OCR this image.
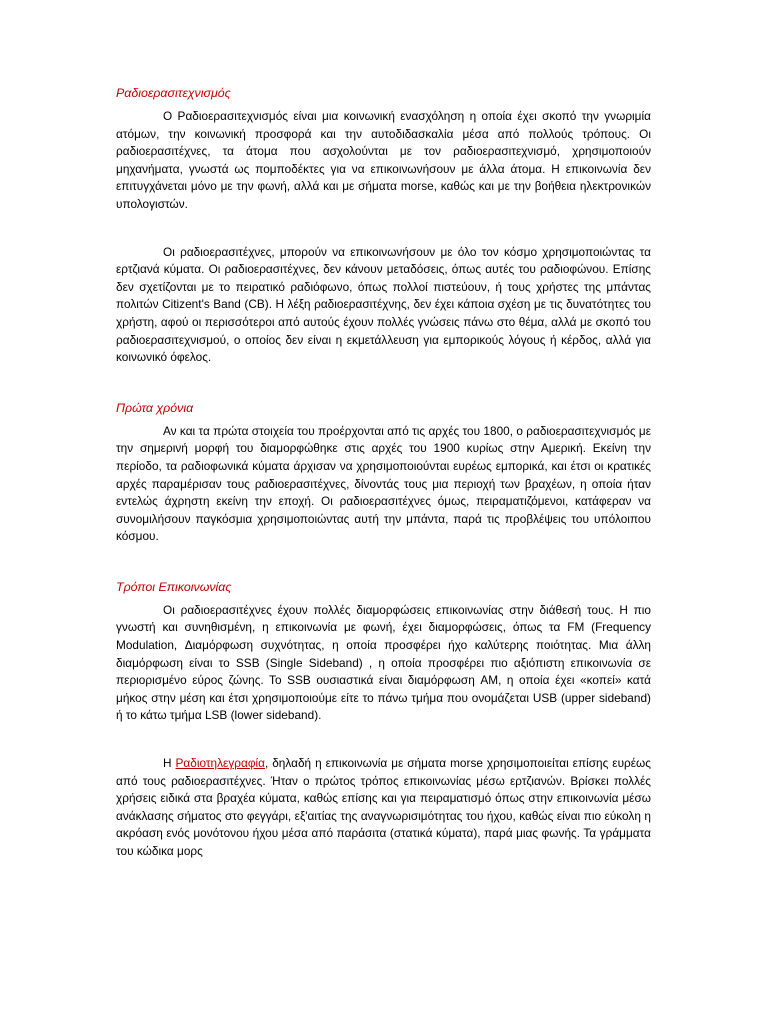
Ραδιοερασιτεχνισμός

Ο Ραδιοερασιτεχνισμός είναι μια κοινωνική ενασχόληση η οποία έχει σκοπό την γνωριμία ατόμων, την κοινωνική προσφορά και την αυτοδιδασκαλία μέσα από πολλούς τρόπους. Οι ραδιοερασιτέχνες, τα άτομα που ασχολούνται με τον ραδιοερασιτεχνισμό, χρησιμοποιούν μηχανήματα, γνωστά ως πομποδέκτες για να επικοινωνήσουν με άλλα άτομα. Η επικοινωνία δεν επιτυγχάνεται μόνο με την φωνή, αλλά και με σήματα morse, καθώς και με την βοήθεια ηλεκτρονικών υπολογιστών.

Οι ραδιοερασιτέχνες, μπορούν να επικοινωνήσουν με όλο τον κόσμο χρησιμοποιώντας τα ερτζιανά κύματα. Οι ραδιοερασιτέχνες, δεν κάνουν μεταδόσεις, όπως αυτές του ραδιοφώνου. Επίσης δεν σχετίζονται με το πειρατικό ραδιόφωνο, όπως πολλοί πιστεύουν, ή τους χρήστες της μπάντας πολιτών Citizent's Band (CB). Η λέξη ραδιοερασιτέχνης, δεν έχει κάποια σχέση με τις δυνατότητες του χρήστη, αφού οι περισσότεροι από αυτούς έχουν πολλές γνώσεις πάνω στο θέμα, αλλά με σκοπό του ραδιοερασιτεχνισμού, ο οποίος δεν είναι η εκμετάλλευση για εμπορικούς λόγους ή κέρδος, αλλά για κοινωνικό όφελος.

Πρώτα χρόνια

Αν και τα πρώτα στοιχεία του προέρχονται από τις αρχές του 1800, ο ραδιοερασιτεχνισμός με την σημερινή μορφή του διαμορφώθηκε στις αρχές του 1900 κυρίως στην Αμερική. Εκείνη την περίοδο, τα ραδιοφωνικά κύματα άρχισαν να χρησιμοποιούνται ευρέως εμπορικά, και έτσι οι κρατικές αρχές παραμέρισαν τους ραδιοερασιτέχνες, δίνοντάς τους μια περιοχή των βραχέων, η οποία ήταν εντελώς άχρηστη εκείνη την εποχή. Οι ραδιοερασιτέχνες όμως, πειραματιζόμενοι, κατάφεραν να συνομιλήσουν παγκόσμια χρησιμοποιώντας αυτή την μπάντα, παρά τις προβλέψεις του υπόλοιπου κόσμου.

Τρόποι Επικοινωνίας

Οι ραδιοερασιτέχνες έχουν πολλές διαμορφώσεις επικοινωνίας στην διάθεσή τους. Η πιο γνωστή και συνηθισμένη, η επικοινωνία με φωνή, έχει διαμορφώσεις, όπως τα FM (Frequency Modulation, Διαμόρφωση συχνότητας, η οποία προσφέρει ήχο καλύτερης ποιότητας. Μια άλλη διαμόρφωση είναι το SSB (Single Sideband) , η οποία προσφέρει πιο αξιόπιστη επικοινωνία σε περιορισμένο εύρος ζώνης. Το SSB ουσιαστικά είναι διαμόρφωση AM, η οποία έχει «κοπεί» κατά μήκος στην μέση και έτσι χρησιμοποιούμε είτε το πάνω τμήμα που ονομάζεται USB (upper sideband) ή το κάτω τμήμα LSB (lower sideband).

Η Ραδιοτηλεγραφία, δηλαδή η επικοινωνία με σήματα morse χρησιμοποιείται επίσης ευρέως από τους ραδιοερασιτέχνες. Ήταν ο πρώτος τρόπος επικοινωνίας μέσω ερτζιανών. Βρίσκει πολλές χρήσεις ειδικά στα βραχέα κύματα, καθώς επίσης και για πειραματισμό όπως στην επικοινωνία μέσω ανάκλασης σήματος στο φεγγάρι, εξ'αιτίας της αναγνωρισιμότητας του ήχου, καθώς είναι πιο εύκολη η ακρόαση ενός μονότονου ήχου μέσα από παράσιτα (στατικά κύματα), παρά μιας φωνής. Τα γράμματα του κώδικα μορς
